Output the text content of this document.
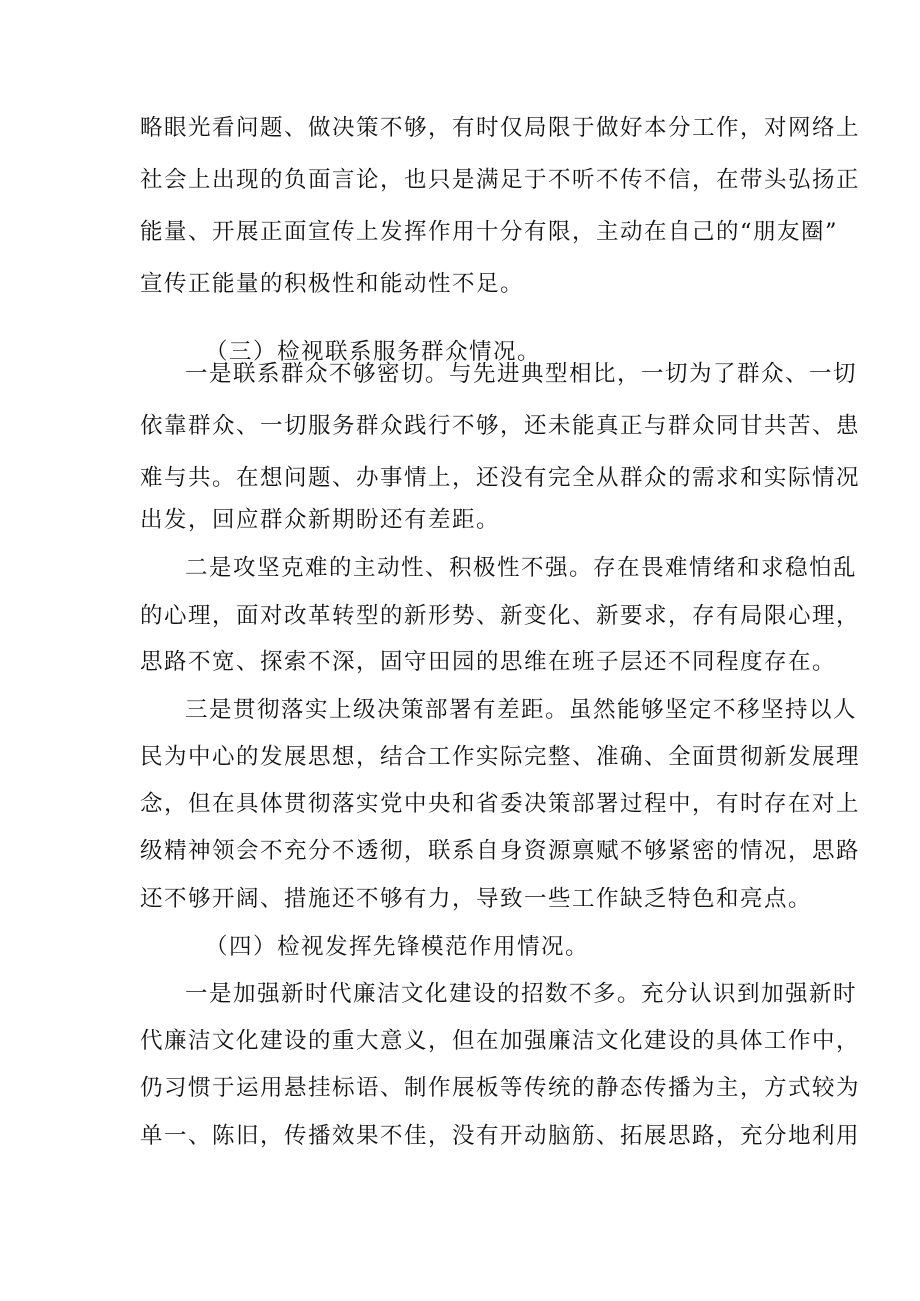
略眼光看问题、做决策不够，有时仅局限于做好本分工作，对网络上
社会上出现的负面言论，也只是满足于不听不传不信，在带头弘扬正
能量、开展正面宣传上发挥作用十分有限，主动在自己的“朋友圈”
宣传正能量的积极性和能动性不足。
（三）检视联系服务群众情况。
一是联系群众不够密切。与先进典型相比，一切为了群众、一切
依靠群众、一切服务群众践行不够，还未能真正与群众同甘共苦、患
难与共。在想问题、办事情上，还没有完全从群众的需求和实际情况
出发，回应群众新期盼还有差距。
二是攻坚克难的主动性、积极性不强。存在畏难情绪和求稳怕乱
的心理，面对改革转型的新形势、新变化、新要求，存有局限心理，
思路不宽、探索不深，固守田园的思维在班子层还不同程度存在。
三是贯彻落实上级决策部署有差距。虽然能够坚定不移坚持以人
民为中心的发展思想，结合工作实际完整、准确、全面贯彻新发展理
念，但在具体贯彻落实党中央和省委决策部署过程中，有时存在对上
级精神领会不充分不透彻，联系自身资源禀赋不够紧密的情况，思路
还不够开阔、措施还不够有力，导致一些工作缺乏特色和亮点。
（四）检视发挥先锋模范作用情况。
一是加强新时代廉洁文化建设的招数不多。充分认识到加强新时
代廉洁文化建设的重大意义，但在加强廉洁文化建设的具体工作中，
仍习惯于运用悬挂标语、制作展板等传统的静态传播为主，方式较为
单一、陈旧，传播效果不佳，没有开动脑筋、拓展思路，充分地利用
